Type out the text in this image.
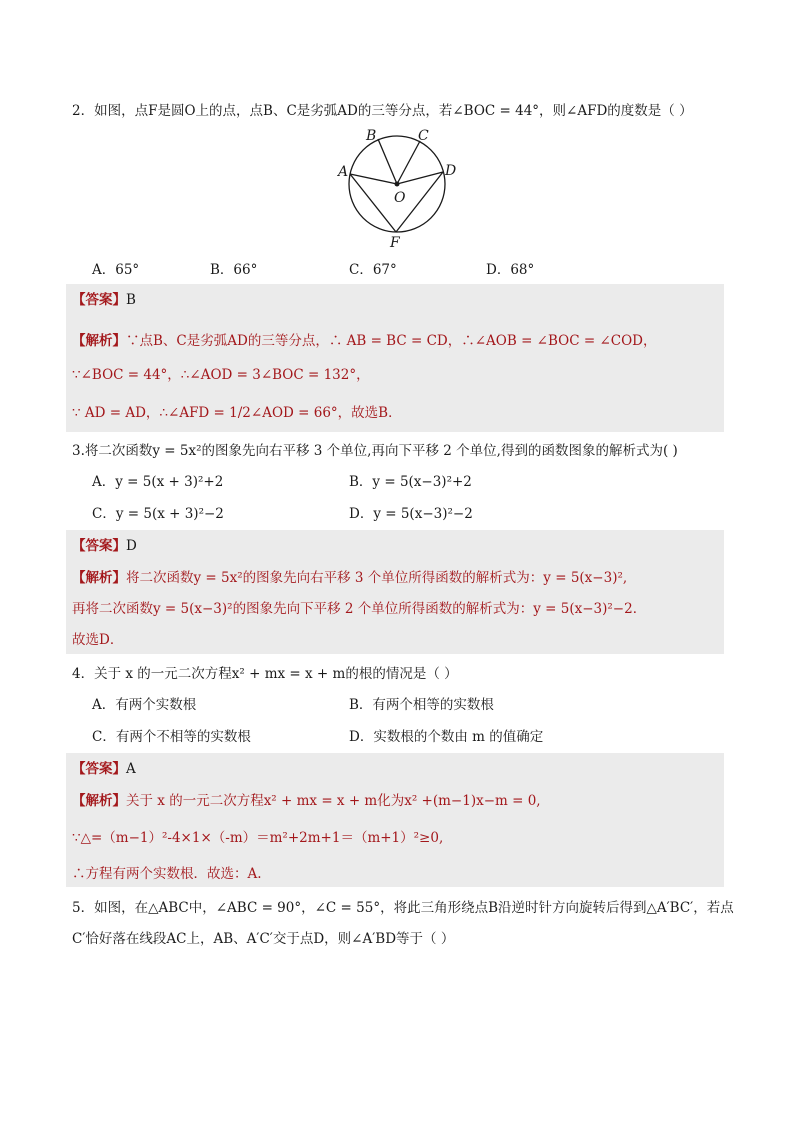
2．如图，点F是圆O上的点，点B、C是劣弧AD的三等分点，若∠BOC = 44°，则∠AFD的度数是（ ）
A
B	C
D
O
F
A．65°	B．66°	C．67°	D．68°
【答案】B
【解析】∵点B、C是劣弧AD的三等分点，∴ AB = BC = CD，∴∠AOB = ∠BOC = ∠COD，
∵∠BOC = 44°，∴∠AOD = 3∠BOC = 132°，
∵ AD = AD，∴∠AFD = 1/2∠AOD = 66°，故选B．
3.将二次函数y = 5x²的图象先向右平移 3 个单位,再向下平移 2 个单位,得到的函数图象的解析式为( )
A．y = 5(x + 3)²+2	B．y = 5(x−3)²+2
C．y = 5(x + 3)²−2	D．y = 5(x−3)²−2
【答案】D
【解析】将二次函数y = 5x²的图象先向右平移 3 个单位所得函数的解析式为：y = 5(x−3)²,
再将二次函数y = 5(x−3)²的图象先向下平移 2 个单位所得函数的解析式为：y = 5(x−3)²−2．
故选D．
4．关于 x 的一元二次方程x² + mx = x + m的根的情况是（ ）
A．有两个实数根	B．有两个相等的实数根
C．有两个不相等的实数根	D．实数根的个数由 m 的值确定
【答案】A
【解析】关于 x 的一元二次方程x² + mx = x + m化为x² +(m−1)x−m = 0,
∵△=（m−1）²-4×1×（-m）＝m²+2m+1＝（m+1）²≥0,
∴方程有两个实数根．故选：A.
5．如图，在△ABC中，∠ABC = 90°，∠C = 55°，将此三角形绕点B沿逆时针方向旋转后得到△A′BC′，若点
C′恰好落在线段AC上，AB、A′C′交于点D，则∠A′BD等于（ ）
